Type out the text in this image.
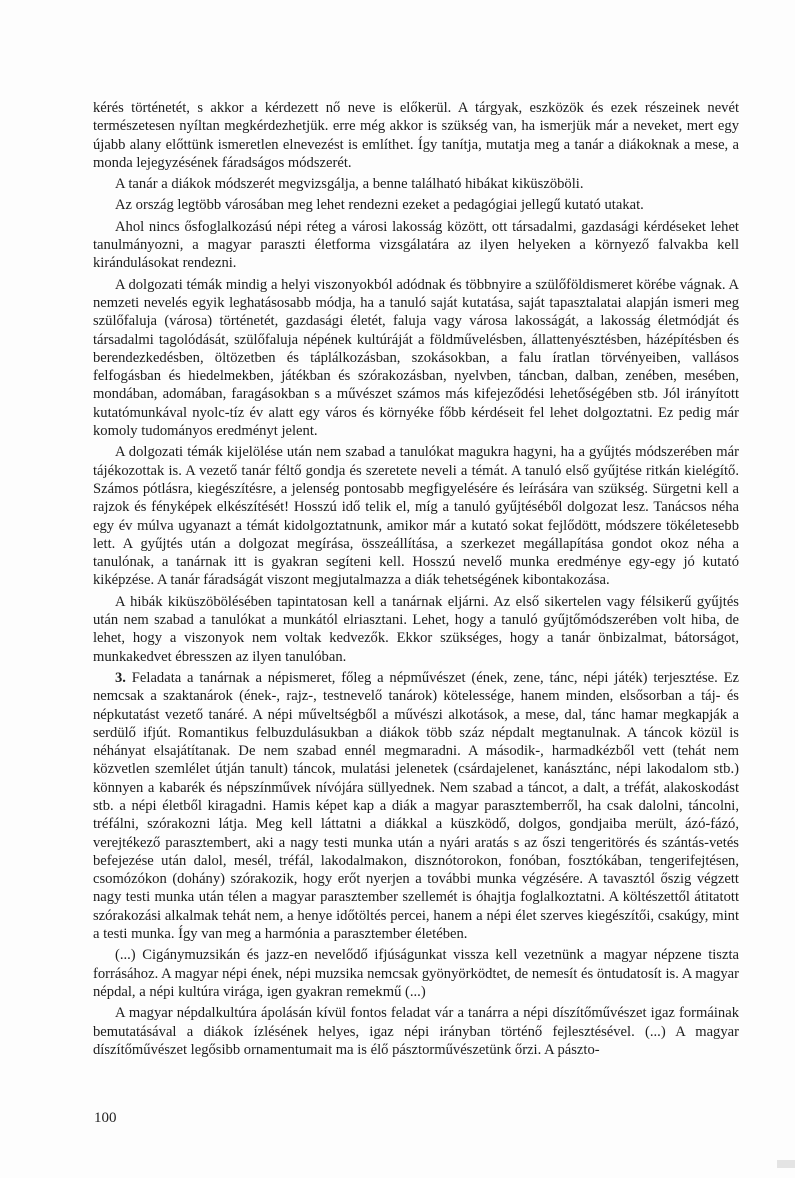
kérés történetét, s akkor a kérdezett nő neve is előkerül. A tárgyak, eszközök és ezek részeinek nevét természetesen nyíltan megkérdezhetjük. erre még akkor is szükség van, ha ismerjük már a neveket, mert egy újabb alany előttünk ismeretlen elnevezést is említhet. Így tanítja, mutatja meg a tanár a diákoknak a mese, a monda lejegyzésének fáradságos módszerét.

A tanár a diákok módszerét megvizsgálja, a benne található hibákat kiküszöböli.

Az ország legtöbb városában meg lehet rendezni ezeket a pedagógiai jellegű kutató utakat.

Ahol nincs ősfoglalkozású népi réteg a városi lakosság között, ott társadalmi, gazdasági kérdéseket lehet tanulmányozni, a magyar paraszti életforma vizsgálatára az ilyen helyeken a környező falvakba kell kirándulásokat rendezni.

A dolgozati témák mindig a helyi viszonyokból adódnak és többnyire a szülőföldismeret körébe vágnak. A nemzeti nevelés egyik leghatásosabb módja, ha a tanuló saját kutatása, saját tapasztalatai alapján ismeri meg szülőfaluja (városa) történetét, gazdasági életét, faluja vagy városa lakosságát, a lakosság életmódját és társadalmi tagolódását, szülőfaluja népének kultúráját a földművelésben, állattenyésztésben, házépítésben és berendezkedésben, öltözetben és táplálkozásban, szokásokban, a falu íratlan törvényeiben, vallásos felfogásban és hiedelmekben, játékban és szórakozásban, nyelvben, táncban, dalban, zenében, mesében, mondában, adomában, faragásokban s a művészet számos más kifejeződési lehetőségében stb. Jól irányított kutatómunkával nyolc-tíz év alatt egy város és környéke főbb kérdéseit fel lehet dolgoztatni. Ez pedig már komoly tudományos eredményt jelent.

A dolgozati témák kijelölése után nem szabad a tanulókat magukra hagyni, ha a gyűjtés módszerében már tájékozottak is. A vezető tanár féltő gondja és szeretete neveli a témát. A tanuló első gyűjtése ritkán kielégítő. Számos pótlásra, kiegészítésre, a jelenség pontosabb megfigyelésére és leírására van szükség. Sürgetni kell a rajzok és fényképek elkészítését! Hosszú idő telik el, míg a tanuló gyűjtéséből dolgozat lesz. Tanácsos néha egy év múlva ugyanazt a témát kidolgoztatnunk, amikor már a kutató sokat fejlődött, módszere tökéletesebb lett. A gyűjtés után a dolgozat megírása, összeállítása, a szerkezet megállapítása gondot okoz néha a tanulónak, a tanárnak itt is gyakran segíteni kell. Hosszú nevelő munka eredménye egy-egy jó kutató kiképzése. A tanár fáradságát viszont megjutalmazza a diák tehetségének kibontakozása.

A hibák kiküszöbölésében tapintatosan kell a tanárnak eljárni. Az első sikertelen vagy félsikerű gyűjtés után nem szabad a tanulókat a munkától elriasztani. Lehet, hogy a tanuló gyűjtőmódszerében volt hiba, de lehet, hogy a viszonyok nem voltak kedvezők. Ekkor szükséges, hogy a tanár önbizalmat, bátorságot, munkakedvet ébresszen az ilyen tanulóban.

3. Feladata a tanárnak a népismeret, főleg a népművészet (ének, zene, tánc, népi játék) terjesztése. Ez nemcsak a szaktanárok (ének-, rajz-, testnevelő tanárok) kötelessége, hanem minden, elsősorban a táj- és népkutatást vezető tanáré. A népi műveltségből a művészi alkotások, a mese, dal, tánc hamar megkapják a serdülő ifjút. Romantikus felbuzdulásukban a diákok több száz népdalt megtanulnak. A táncok közül is néhányat elsajátítanak. De nem szabad ennél megmaradni. A második-, harmadkézből vett (tehát nem közvetlen szemlélet útján tanult) táncok, mulatási jelenetek (csárdajelenet, kanásztánc, népi lakodalom stb.) könnyen a kabarék és népszínművek nívójára süllyednek. Nem szabad a táncot, a dalt, a tréfát, alakoskodást stb. a népi életből kiragadni. Hamis képet kap a diák a magyar parasztemberről, ha csak dalolni, táncolni, tréfálni, szórakozni látja. Meg kell láttatni a diákkal a küszködő, dolgos, gondjaiba merült, ázó-fázó, verejtékező parasztembert, aki a nagy testi munka után a nyári aratás s az őszi tengeritörés és szántás-vetés befejezése után dalol, mesél, tréfál, lakodalmakon, disznótorokon, fonóban, fosztókában, tengerifejtésen, csomózókon (dohány) szórakozik, hogy erőt nyerjen a további munka végzésére. A tavasztól őszig végzett nagy testi munka után télen a magyar parasztember szellemét is óhajtja foglalkoztatni. A költészettől átitatott szórakozási alkalmak tehát nem, a henye időtöltés percei, hanem a népi élet szerves kiegészítői, csakúgy, mint a testi munka. Így van meg a harmónia a parasztember életében.

(...) Cigánymuzsikán és jazz-en nevelődő ifjúságunkat vissza kell vezetnünk a magyar népzene tiszta forrásához. A magyar népi ének, népi muzsika nemcsak gyönyörködtet, de nemesít és öntudatosít is. A magyar népdal, a népi kultúra virága, igen gyakran remekmű (...)

A magyar népdalkultúra ápolásán kívül fontos feladat vár a tanárra a népi díszítőművészet igaz formáinak bemutatásával a diákok ízlésének helyes, igaz népi irányban történő fejlesztésével. (...) A magyar díszítőművészet legősibb ornamentumait ma is élő pásztorművészetünk őrzi. A pászto-

100
